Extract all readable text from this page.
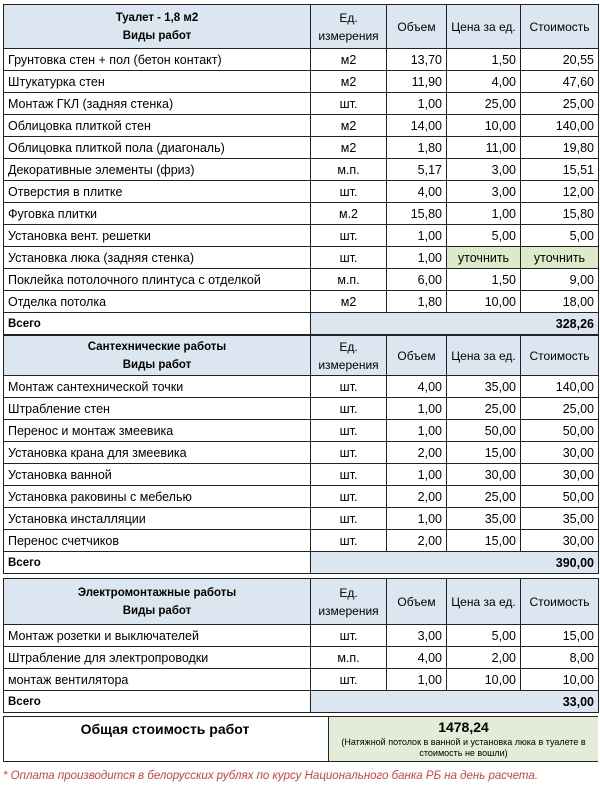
Туалет - 1,8 м2
Виды работ	Ед. измерения	Объем	Цена за ед.	Стоимость
Грунтовка стен + пол (бетон контакт)	м2	13,70	1,50	20,55
Штукатурка стен	м2	11,90	4,00	47,60
Монтаж ГКЛ (задняя стенка)	шт.	1,00	25,00	25,00
Облицовка плиткой стен	м2	14,00	10,00	140,00
Облицовка плиткой пола (диагональ)	м2	1,80	11,00	19,80
Декоративные элементы (фриз)	м.п.	5,17	3,00	15,51
Отверстия в плитке	шт.	4,00	3,00	12,00
Фуговка плитки	м.2	15,80	1,00	15,80
Установка вент. решетки	шт.	1,00	5,00	5,00
Установка люка (задняя стенка)	шт.	1,00	уточнить	уточнить
Поклейка потолочного плинтуса с отделкой	м.п.	6,00	1,50	9,00
Отделка потолка	м2	1,80	10,00	18,00
Всего	328,26			
Сантехнические работы
Виды работ	Ед. измерения	Объем	Цена за ед.	Стоимость
Монтаж сантехнической точки	шт.	4,00	35,00	140,00
Штрабление стен	шт.	1,00	25,00	25,00
Перенос и монтаж змеевика	шт.	1,00	50,00	50,00
Установка крана для змеевика	шт.	2,00	15,00	30,00
Установка ванной	шт.	1,00	30,00	30,00
Установка раковины с мебелью	шт.	2,00	25,00	50,00
Установка инсталляции	шт.	1,00	35,00	35,00
Перенос счетчиков	шт.	2,00	15,00	30,00
Всего	390,00			
Электромонтажные работы
Виды работ	Ед. измерения	Объем	Цена за ед.	Стоимость
Монтаж розетки и выключателей	шт.	3,00	5,00	15,00
Штрабление для электропроводки	м.п.	4,00	2,00	8,00
монтаж вентилятора	шт.	1,00	10,00	10,00
Всего	33,00			
Общая стоимость работ	1478,24
(Натяжной потолок в ванной и установка люка в туалете в стоимость не вошли)
* Оплата производится в белорусских рублях по курсу Национального банка РБ на день расчета.
